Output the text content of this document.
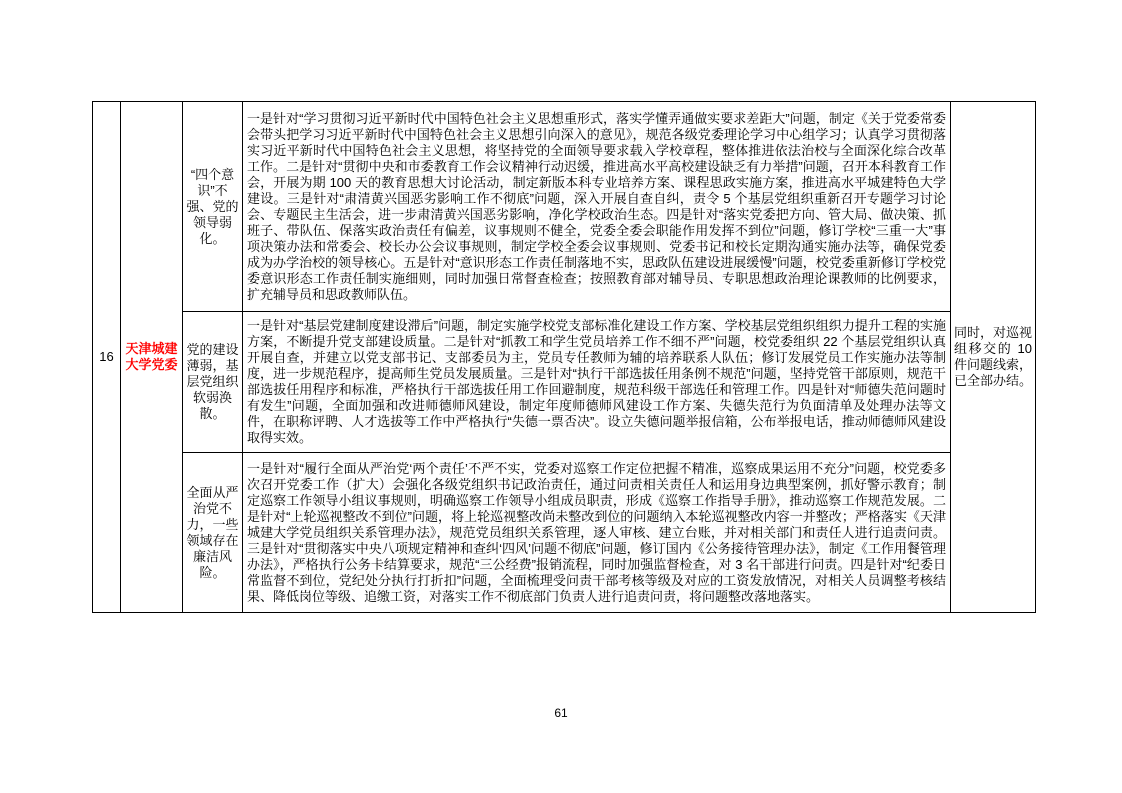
16	天津城建大学党委	“四个意识”不强、党的领导弱化。	一是针对“学习贯彻习近平新时代中国特色社会主义思想重形式，落实学懂弄通做实要求差距大”问题，制定《关于党委常委会带头把学习习近平新时代中国特色社会主义思想引向深入的意见》，规范各级党委理论学习中心组学习；认真学习贯彻落实习近平新时代中国特色社会主义思想，将坚持党的全面领导要求载入学校章程，整体推进依法治校与全面深化综合改革工作。二是针对“贯彻中央和市委教育工作会议精神行动迟缓，推进高水平高校建设缺乏有力举措”问题，召开本科教育工作会，开展为期 100 天的教育思想大讨论活动，制定新版本科专业培养方案、课程思政实施方案，推进高水平城建特色大学建设。三是针对“肃清黄兴国恶劣影响工作不彻底”问题，深入开展自查自纠，责令 5 个基层党组织重新召开专题学习讨论会、专题民主生活会，进一步肃清黄兴国恶劣影响，净化学校政治生态。四是针对“落实党委把方向、管大局、做决策、抓班子、带队伍、保落实政治责任有偏差，议事规则不健全，党委全委会职能作用发挥不到位”问题，修订学校“三重一大”事项决策办法和常委会、校长办公会议事规则，制定学校全委会议事规则、党委书记和校长定期沟通实施办法等，确保党委成为办学治校的领导核心。五是针对“意识形态工作责任制落地不实，思政队伍建设进展缓慢”问题，校党委重新修订学校党委意识形态工作责任制实施细则，同时加强日常督查检查；按照教育部对辅导员、专职思想政治理论课教师的比例要求，扩充辅导员和思政教师队伍。	同时，对巡视组移交的 10 件问题线索，已全部办结。
		党的建设薄弱，基层党组织软弱涣散。	一是针对“基层党建制度建设滞后”问题，制定实施学校党支部标准化建设工作方案、学校基层党组织组织力提升工程的实施方案，不断提升党支部建设质量。二是针对“抓教工和学生党员培养工作不细不严”问题，校党委组织 22 个基层党组织认真开展自查，并建立以党支部书记、支部委员为主，党员专任教师为辅的培养联系人队伍；修订发展党员工作实施办法等制度，进一步规范程序，提高师生党员发展质量。三是针对“执行干部选拔任用条例不规范”问题，坚持党管干部原则，规范干部选拔任用程序和标准，严格执行干部选拔任用工作回避制度，规范科级干部选任和管理工作。四是针对“师德失范问题时有发生”问题，全面加强和改进师德师风建设，制定年度师德师风建设工作方案、失德失范行为负面清单及处理办法等文件，在职称评聘、人才选拔等工作中严格执行“失德一票否决”。设立失德问题举报信箱，公布举报电话，推动师德师风建设取得实效。	
		全面从严治党不力，一些领域存在廉洁风险。	一是针对“履行全面从严治党‘两个责任’不严不实，党委对巡察工作定位把握不精准，巡察成果运用不充分”问题，校党委多次召开党委工作（扩大）会强化各级党组织书记政治责任，通过问责相关责任人和运用身边典型案例，抓好警示教育；制定巡察工作领导小组议事规则，明确巡察工作领导小组成员职责，形成《巡察工作指导手册》，推动巡察工作规范发展。二是针对“上轮巡视整改不到位”问题，将上轮巡视整改尚未整改到位的问题纳入本轮巡视整改内容一并整改；严格落实《天津城建大学党员组织关系管理办法》，规范党员组织关系管理，逐人审核、建立台账，并对相关部门和责任人进行追责问责。三是针对“贯彻落实中央八项规定精神和查纠‘四风’问题不彻底”问题，修订国内《公务接待管理办法》，制定《工作用餐管理办法》，严格执行公务卡结算要求，规范“三公经费”报销流程，同时加强监督检查，对 3 名干部进行问责。四是针对“纪委日常监督不到位，党纪处分执行打折扣”问题，全面梳理受问责干部考核等级及对应的工资发放情况，对相关人员调整考核结果、降低岗位等级、追缴工资，对落实工作不彻底部门负责人进行追责问责，将问题整改落地落实。	
61
